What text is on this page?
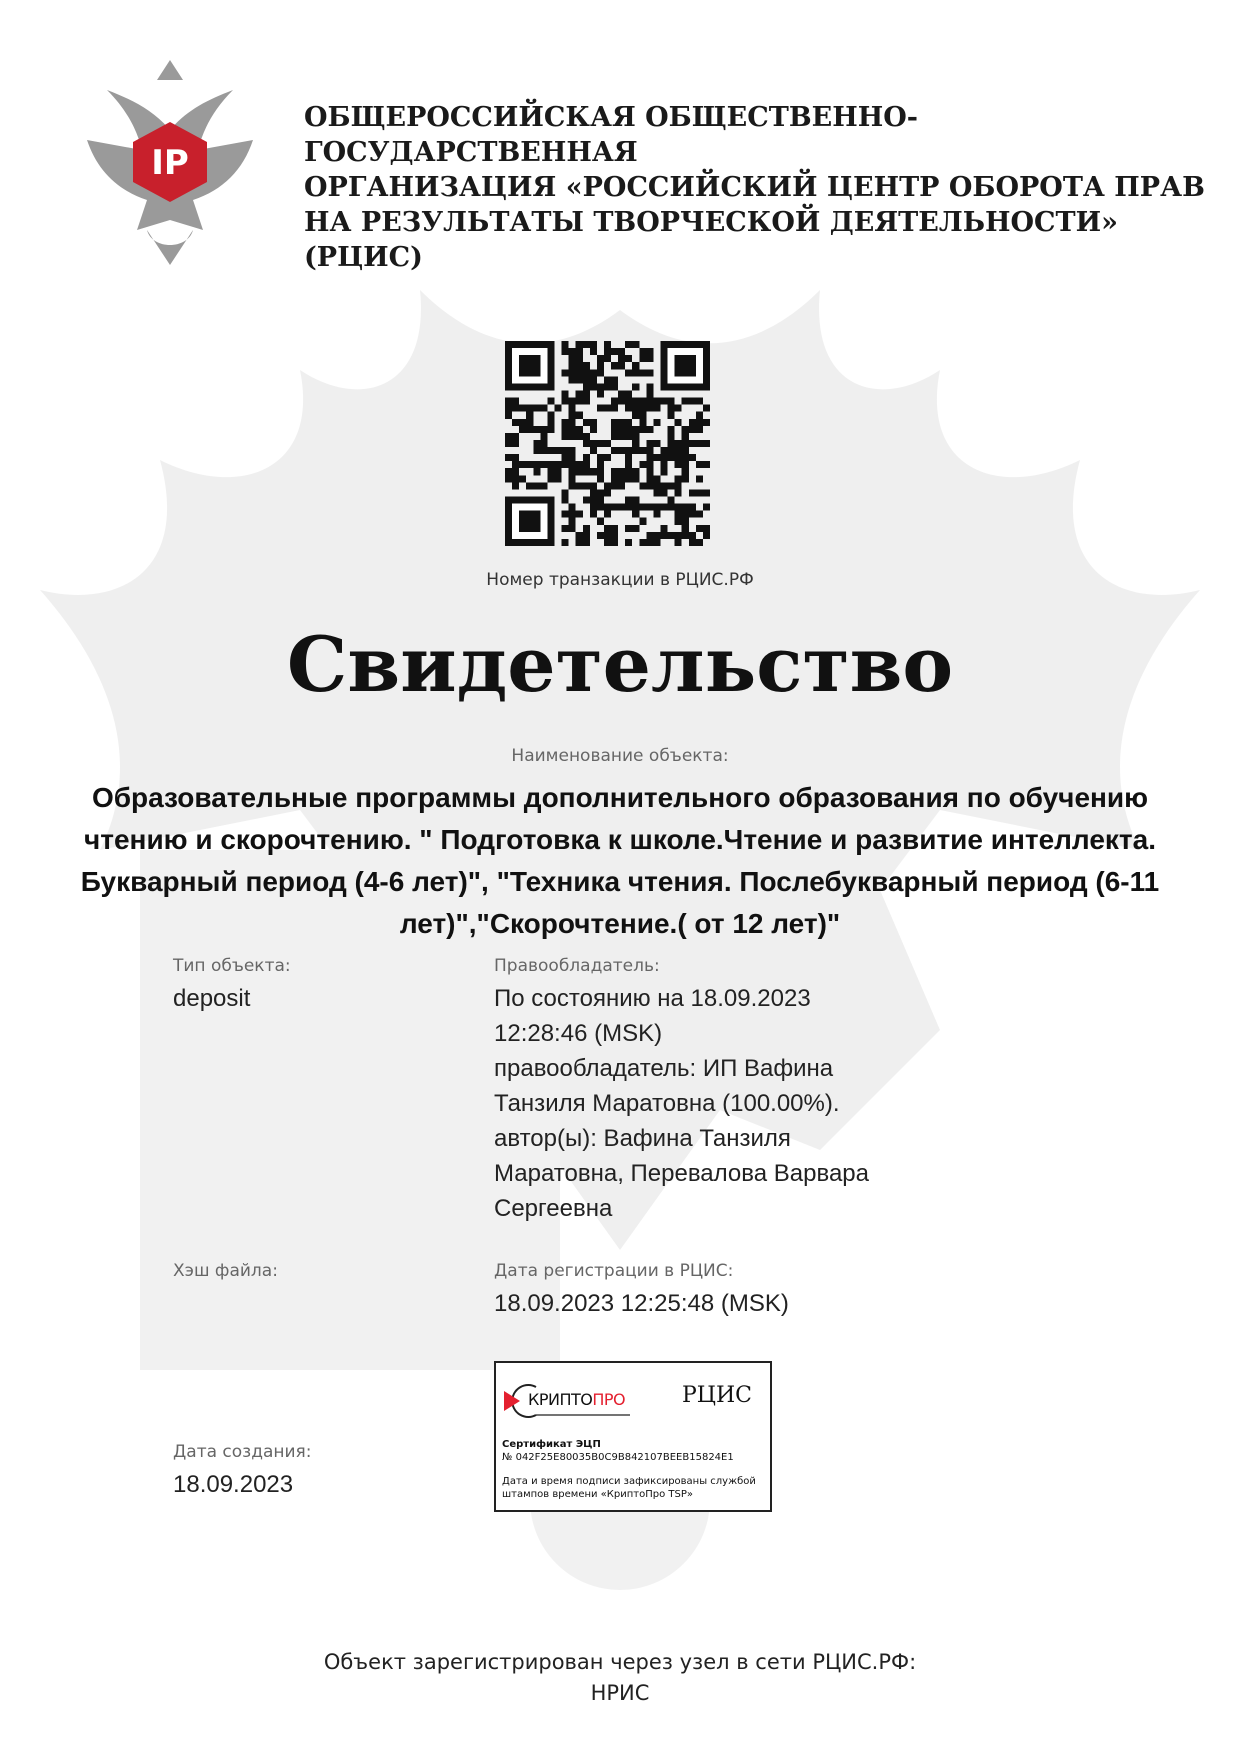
IP
ОБЩЕРОССИЙСКАЯ ОБЩЕСТВЕННО-ГОСУДАРСТВЕННАЯ
ОРГАНИЗАЦИЯ «РОССИЙСКИЙ ЦЕНТР ОБОРОТА ПРАВ
НА РЕЗУЛЬТАТЫ ТВОРЧЕСКОЙ ДЕЯТЕЛЬНОСТИ» (РЦИС)
Номер транзакции в РЦИС.РФ
Свидетельство
Наименование объекта:
Образовательные программы дополнительного образования по обучению чтению и скорочтению. " Подготовка к школе.Чтение и развитие интеллекта. Букварный период (4-6 лет)", "Техника чтения. Послебукварный период (6-11 лет)","Скорочтение.( от 12 лет)"
Тип объекта:
deposit
Правообладатель:
По состоянию на 18.09.2023
12:28:46 (MSK)
правообладатель: ИП Вафина
Танзиля Маратовна (100.00%).
автор(ы): Вафина Танзиля
Маратовна, Перевалова Варвара
Сергеевна
Хэш файла:	Дата регистрации в РЦИС:
18.09.2023 12:25:48 (MSK)
Дата создания:
18.09.2023
КРИПТОПРО	РЦИС
Сертификат ЭЦП
№ 042F25E80035B0C9B842107BEEB15824E1
Дата и время подписи зафиксированы службой
штампов времени «КриптоПро TSP»
Объект зарегистрирован через узел в сети РЦИС.РФ:
НРИС
